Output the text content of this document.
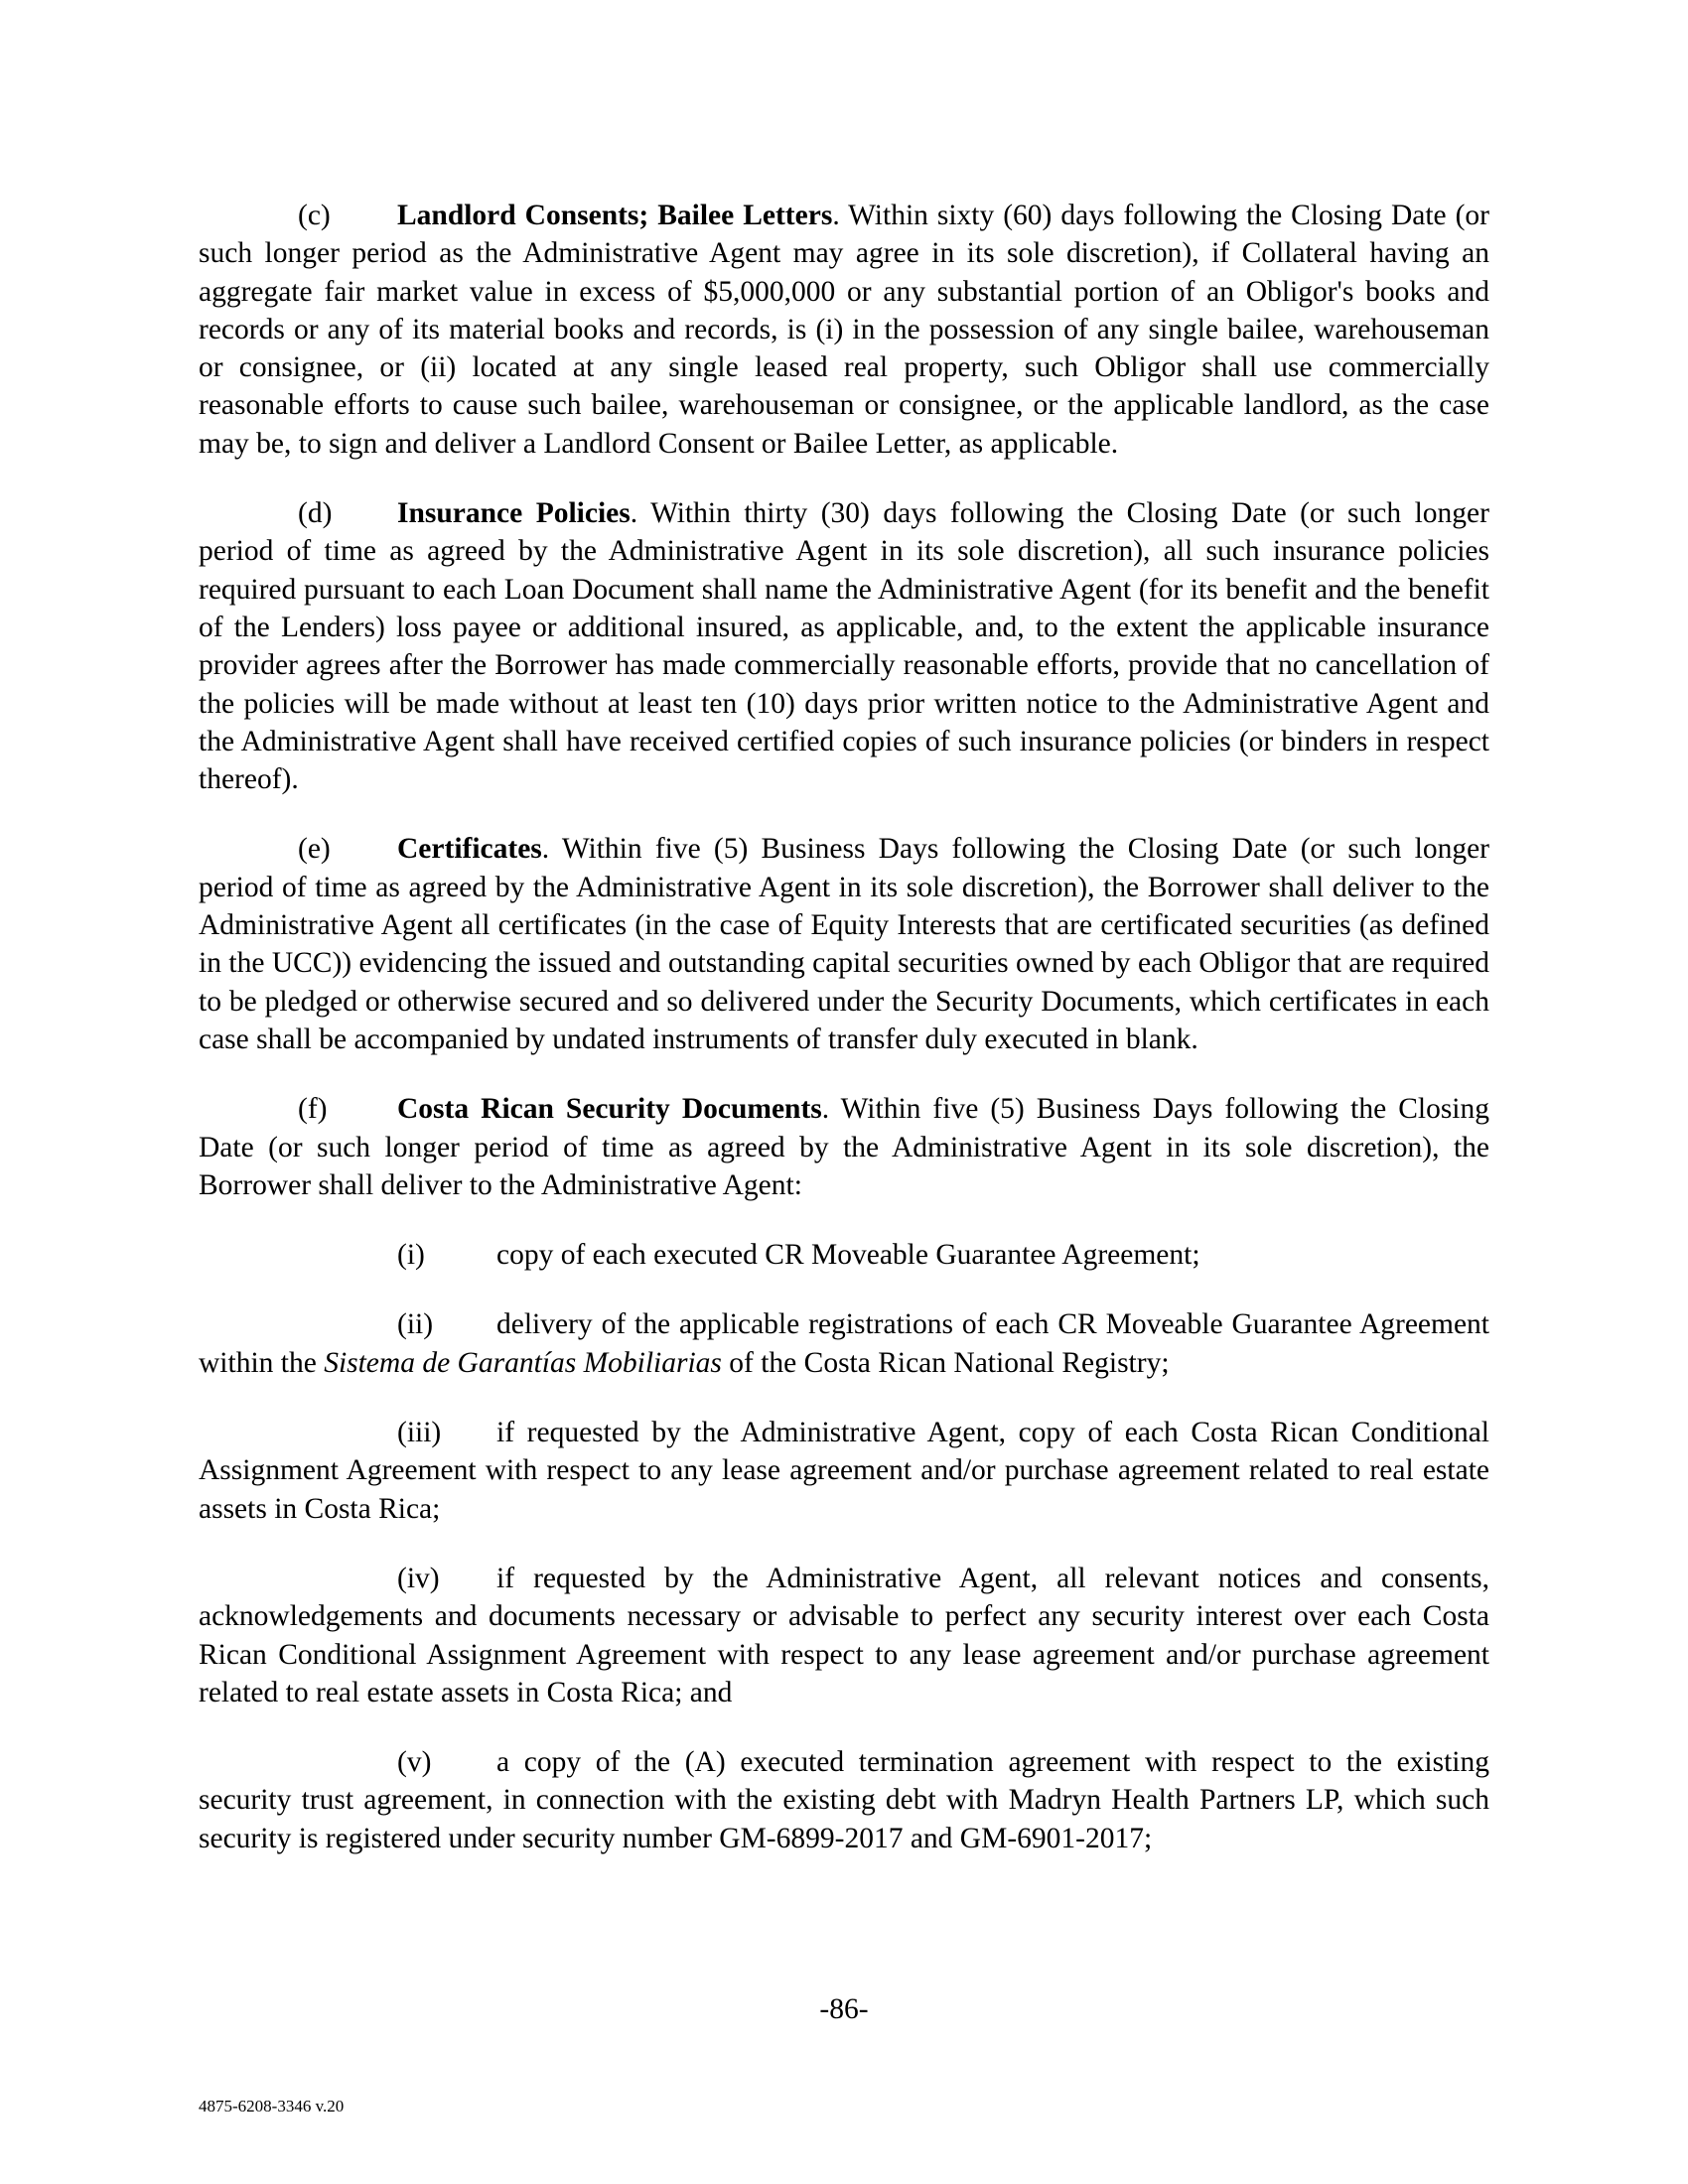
(c) Landlord Consents; Bailee Letters. Within sixty (60) days following the Closing Date (or such longer period as the Administrative Agent may agree in its sole discretion), if Collateral having an aggregate fair market value in excess of $5,000,000 or any substantial portion of an Obligor's books and records or any of its material books and records, is (i) in the possession of any single bailee, warehouseman or consignee, or (ii) located at any single leased real property, such Obligor shall use commercially reasonable efforts to cause such bailee, warehouseman or consignee, or the applicable landlord, as the case may be, to sign and deliver a Landlord Consent or Bailee Letter, as applicable.

(d) Insurance Policies. Within thirty (30) days following the Closing Date (or such longer period of time as agreed by the Administrative Agent in its sole discretion), all such insurance policies required pursuant to each Loan Document shall name the Administrative Agent (for its benefit and the benefit of the Lenders) loss payee or additional insured, as applicable, and, to the extent the applicable insurance provider agrees after the Borrower has made commercially reasonable efforts, provide that no cancellation of the policies will be made without at least ten (10) days prior written notice to the Administrative Agent and the Administrative Agent shall have received certified copies of such insurance policies (or binders in respect thereof).

(e) Certificates. Within five (5) Business Days following the Closing Date (or such longer period of time as agreed by the Administrative Agent in its sole discretion), the Borrower shall deliver to the Administrative Agent all certificates (in the case of Equity Interests that are certificated securities (as defined in the UCC)) evidencing the issued and outstanding capital securities owned by each Obligor that are required to be pledged or otherwise secured and so delivered under the Security Documents, which certificates in each case shall be accompanied by undated instruments of transfer duly executed in blank.

(f) Costa Rican Security Documents. Within five (5) Business Days following the Closing Date (or such longer period of time as agreed by the Administrative Agent in its sole discretion), the Borrower shall deliver to the Administrative Agent:

(i) copy of each executed CR Moveable Guarantee Agreement;

(ii) delivery of the applicable registrations of each CR Moveable Guarantee Agreement within the Sistema de Garantías Mobiliarias of the Costa Rican National Registry;

(iii) if requested by the Administrative Agent, copy of each Costa Rican Conditional Assignment Agreement with respect to any lease agreement and/or purchase agreement related to real estate assets in Costa Rica;

(iv) if requested by the Administrative Agent, all relevant notices and consents, acknowledgements and documents necessary or advisable to perfect any security interest over each Costa Rican Conditional Assignment Agreement with respect to any lease agreement and/or purchase agreement related to real estate assets in Costa Rica; and

(v) a copy of the (A) executed termination agreement with respect to the existing security trust agreement, in connection with the existing debt with Madryn Health Partners LP, which such security is registered under security number GM-6899-2017 and GM-6901-2017;

-86-
4875-6208-3346 v.20
